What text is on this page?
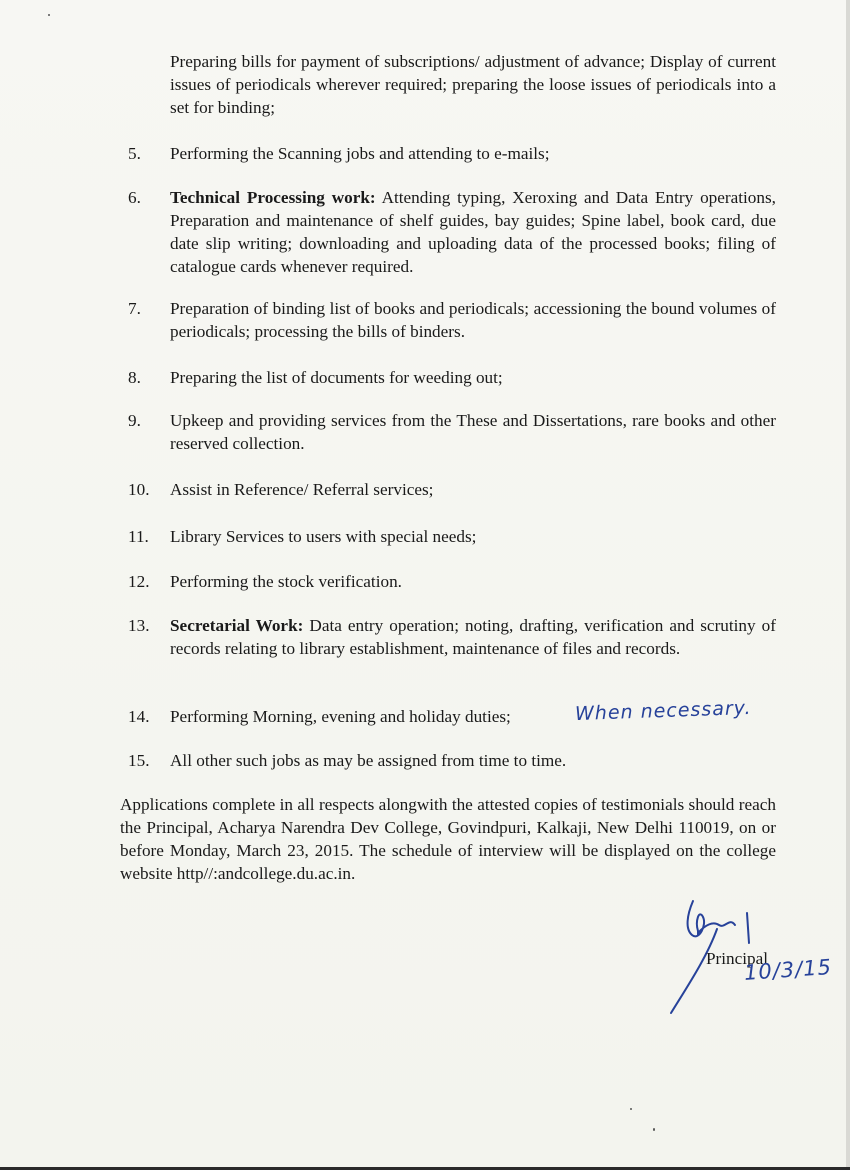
Preparing bills for payment of subscriptions/ adjustment of advance; Display of current issues of periodicals wherever required; preparing the loose issues of periodicals into a set for binding;
5.	Performing the Scanning jobs and attending to e-mails;
6.	Technical Processing work: Attending typing, Xeroxing and Data Entry operations, Preparation and maintenance of shelf guides, bay guides; Spine label, book card, due date slip writing; downloading and uploading data of the processed books; filing of catalogue cards whenever required.
7.	Preparation of binding list of books and periodicals; accessioning the bound volumes of periodicals; processing the bills of binders.
8.	Preparing the list of documents for weeding out;
9.	Upkeep and providing services from the These and Dissertations, rare books and other reserved collection.
10.	Assist in Reference/ Referral services;
11.	Library Services to users with special needs;
12.	Performing the stock verification.
13.	Secretarial Work: Data entry operation; noting, drafting, verification and scrutiny of records relating to library establishment, maintenance of files and records.
14.	Performing Morning, evening and holiday duties;
15.	All other such jobs as may be assigned from time to time.
When necessary.
Applications complete in all respects alongwith the attested copies of testimonials should reach the Principal, Acharya Narendra Dev College, Govindpuri, Kalkaji, New Delhi 110019, on or before Monday, March 23, 2015. The schedule of interview will be displayed on the college website http//:andcollege.du.ac.in.
Principal
10/3/15
